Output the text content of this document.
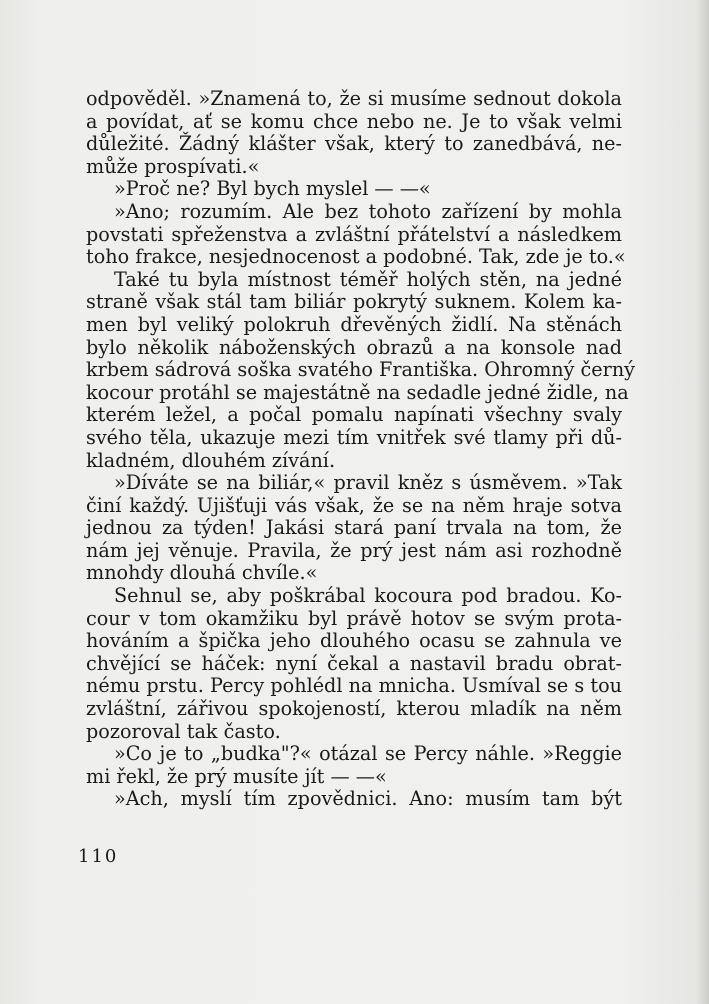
odpověděl. »Znamená to, že si musíme sednout dokola
a povídat, ať se komu chce nebo ne. Je to však velmi
důležité. Žádný klášter však, který to zanedbává, ne-
může prospívati.«
»Proč ne? Byl bych myslel — —«
»Ano; rozumím. Ale bez tohoto zařízení by mohla
povstati spřeženstva a zvláštní přátelství a následkem
toho frakce, nesjednocenost a podobné. Tak, zde je to.«
Také tu byla místnost téměř holých stěn, na jedné
straně však stál tam biliár pokrytý suknem. Kolem ka-
men byl veliký polokruh dřevěných židlí. Na stěnách
bylo několik náboženských obrazů a na konsole nad
krbem sádrová soška svatého Františka. Ohromný černý
kocour protáhl se majestátně na sedadle jedné židle, na
kterém ležel, a počal pomalu napínati všechny svaly
svého těla, ukazuje mezi tím vnitřek své tlamy při dů-
kladném, dlouhém zívání.
»Díváte se na biliár,« pravil kněz s úsměvem. »Tak
činí každý. Ujišťuji vás však, že se na něm hraje sotva
jednou za týden! Jakási stará paní trvala na tom, že
nám jej věnuje. Pravila, že prý jest nám asi rozhodně
mnohdy dlouhá chvíle.«
Sehnul se, aby poškrábal kocoura pod bradou. Ko-
cour v tom okamžiku byl právě hotov se svým prota-
hováním a špička jeho dlouhého ocasu se zahnula ve
chvějící se háček: nyní čekal a nastavil bradu obrat-
nému prstu. Percy pohlédl na mnicha. Usmíval se s tou
zvláštní, zářivou spokojeností, kterou mladík na něm
pozoroval tak často.
»Co je to „budka"?« otázal se Percy náhle. »Reggie
mi řekl, že prý musíte jít — —«
»Ach, myslí tím zpovědnici. Ano: musím tam být
110
